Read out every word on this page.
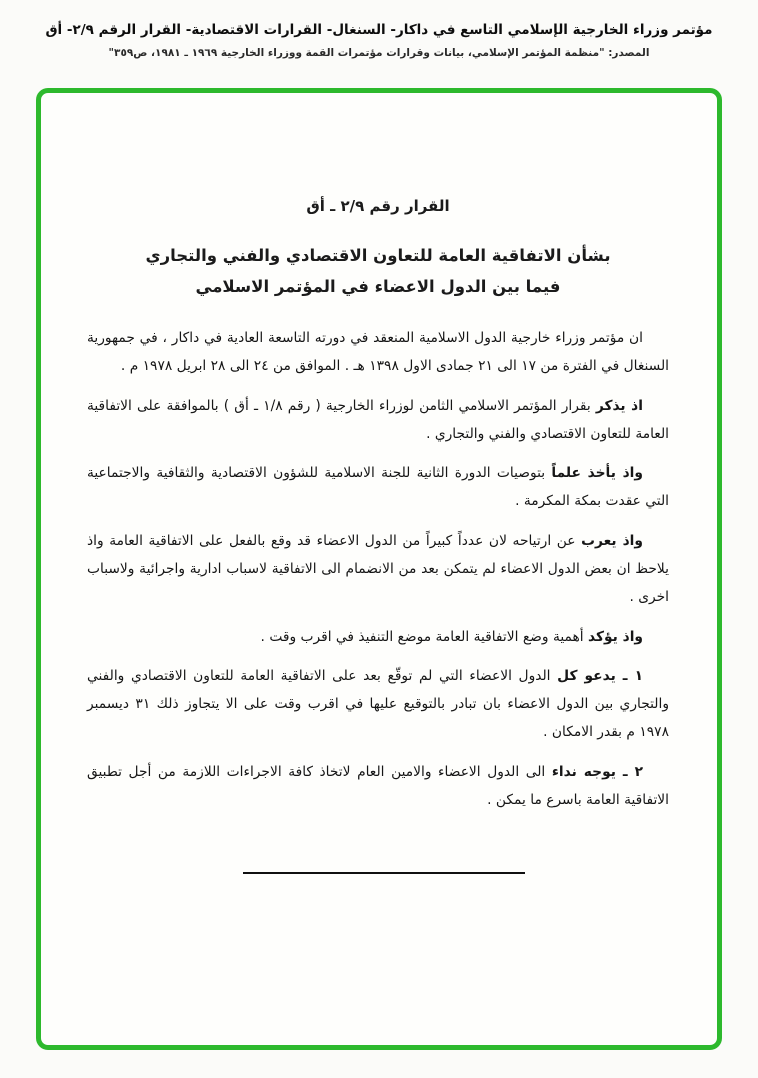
مؤتمر وزراء الخارجية الإسلامي التاسع في داكار- السنغال- القرارات الاقتصادية- القرار الرقم ٢/٩- أق
المصدر: "منظمة المؤتمر الإسلامي، بيانات وقرارات مؤتمرات القمة ووزراء الخارجية ١٩٦٩ ـ ١٩٨١، ص٣٥٩"
القرار رقم ٢/٩ ـ أق
بشأن الاتفاقية العامة للتعاون الاقتصادي والفني والتجاري
فيما بين الدول الاعضاء في المؤتمر الاسلامي

ان مؤتمر وزراء خارجية الدول الاسلامية المنعقد في دورته التاسعة العادية في داكار ، في جمهورية السنغال في الفترة من ١٧ الى ٢١ جمادى الاول ١٣٩٨ هـ . الموافق من ٢٤ الى ٢٨ ابريل ١٩٧٨ م .

اذ يذكر بقرار المؤتمر الاسلامي الثامن لوزراء الخارجية ( رقم ١/٨ ـ أق ) بالموافقة على الاتفاقية العامة للتعاون الاقتصادي والفني والتجاري .

واذ يأخذ علماً بتوصيات الدورة الثانية للجنة الاسلامية للشؤون الاقتصادية والثقافية والاجتماعية التي عقدت بمكة المكرمة .

واذ يعرب عن ارتياحه لان عدداً كبيراً من الدول الاعضاء قد وقع بالفعل على الاتفاقية العامة واذ يلاحظ ان بعض الدول الاعضاء لم يتمكن بعد من الانضمام الى الاتفاقية لاسباب ادارية واجرائية ولاسباب اخرى .

واذ يؤكد أهمية وضع الاتفاقية العامة موضع التنفيذ في اقرب وقت .

١ ـ يدعو كل الدول الاعضاء التي لم توقّع بعد على الاتفاقية العامة للتعاون الاقتصادي والفني والتجاري بين الدول الاعضاء بان تبادر بالتوقيع عليها في اقرب وقت على الا يتجاوز ذلك ٣١ ديسمبر ١٩٧٨ م بقدر الامكان .

٢ ـ يوجه نداء الى الدول الاعضاء والامين العام لاتخاذ كافة الاجراءات اللازمة من أجل تطبيق الاتفاقية العامة باسرع ما يمكن .
